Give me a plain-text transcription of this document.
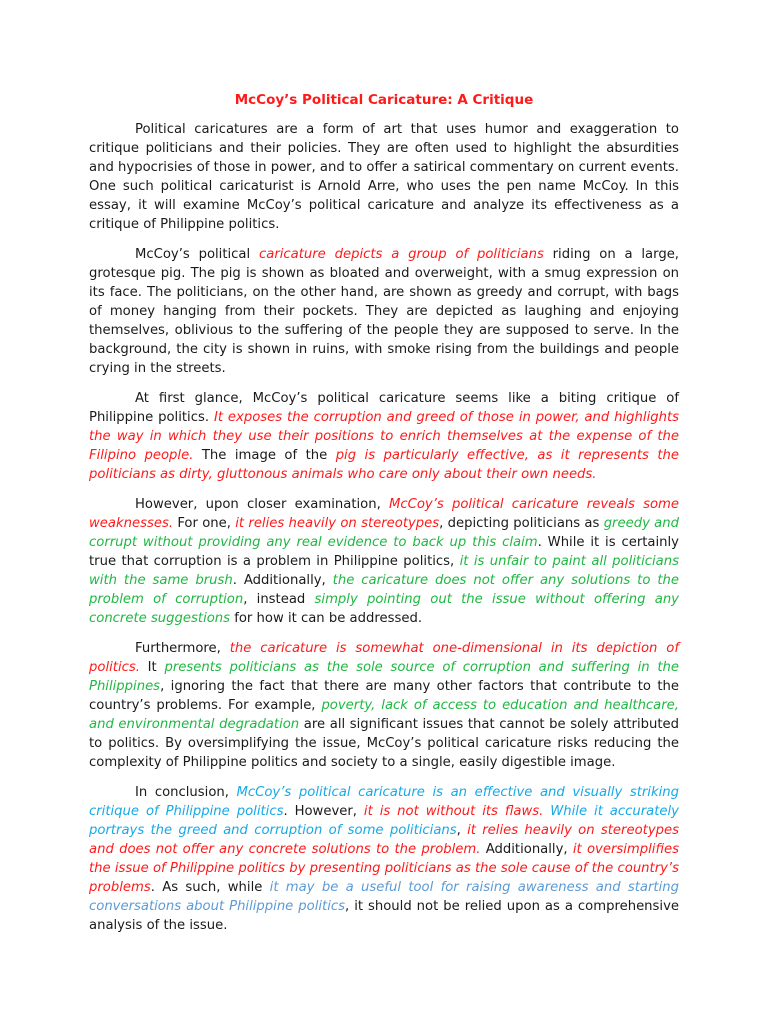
McCoy’s Political Caricature: A Critique

Political caricatures are a form of art that uses humor and exaggeration to critique politicians and their policies. They are often used to highlight the absurdities and hypocrisies of those in power, and to offer a satirical commentary on current events. One such political caricaturist is Arnold Arre, who uses the pen name McCoy. In this essay, it will examine McCoy’s political caricature and analyze its effectiveness as a critique of Philippine politics.

McCoy’s political caricature depicts a group of politicians riding on a large, grotesque pig. The pig is shown as bloated and overweight, with a smug expression on its face. The politicians, on the other hand, are shown as greedy and corrupt, with bags of money hanging from their pockets. They are depicted as laughing and enjoying themselves, oblivious to the suffering of the people they are supposed to serve. In the background, the city is shown in ruins, with smoke rising from the buildings and people crying in the streets.

At first glance, McCoy’s political caricature seems like a biting critique of Philippine politics. It exposes the corruption and greed of those in power, and highlights the way in which they use their positions to enrich themselves at the expense of the Filipino people. The image of the pig is particularly effective, as it represents the politicians as dirty, gluttonous animals who care only about their own needs.

However, upon closer examination, McCoy’s political caricature reveals some weaknesses. For one, it relies heavily on stereotypes, depicting politicians as greedy and corrupt without providing any real evidence to back up this claim. While it is certainly true that corruption is a problem in Philippine politics, it is unfair to paint all politicians with the same brush. Additionally, the caricature does not offer any solutions to the problem of corruption, instead simply pointing out the issue without offering any concrete suggestions for how it can be addressed.

Furthermore, the caricature is somewhat one-dimensional in its depiction of politics. It presents politicians as the sole source of corruption and suffering in the Philippines, ignoring the fact that there are many other factors that contribute to the country’s problems. For example, poverty, lack of access to education and healthcare, and environmental degradation are all significant issues that cannot be solely attributed to politics. By oversimplifying the issue, McCoy’s political caricature risks reducing the complexity of Philippine politics and society to a single, easily digestible image.

In conclusion, McCoy’s political caricature is an effective and visually striking critique of Philippine politics. However, it is not without its flaws. While it accurately portrays the greed and corruption of some politicians, it relies heavily on stereotypes and does not offer any concrete solutions to the problem. Additionally, it oversimplifies the issue of Philippine politics by presenting politicians as the sole cause of the country’s problems. As such, while it may be a useful tool for raising awareness and starting conversations about Philippine politics, it should not be relied upon as a comprehensive analysis of the issue.
